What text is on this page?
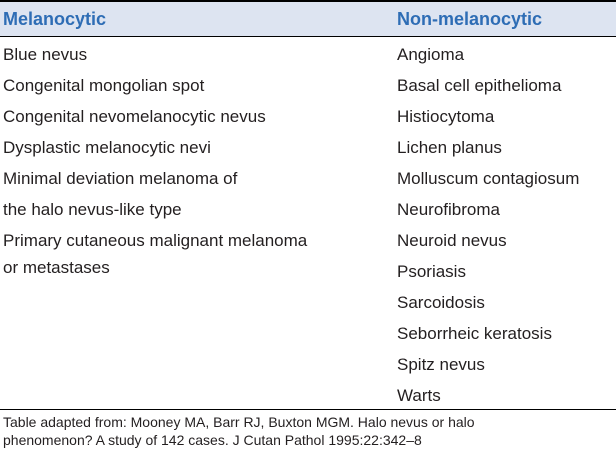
Melanocytic	Non-melanocytic
Blue nevus
Congenital mongolian spot
Congenital nevomelanocytic nevus
Dysplastic melanocytic nevi
Minimal deviation melanoma of
the halo nevus-like type
Primary cutaneous malignant melanoma
or metastases
Angioma
Basal cell epithelioma
Histiocytoma
Lichen planus
Molluscum contagiosum
Neurofibroma
Neuroid nevus
Psoriasis
Sarcoidosis
Seborrheic keratosis
Spitz nevus
Warts
Table adapted from: Mooney MA, Barr RJ, Buxton MGM. Halo nevus or halo
phenomenon? A study of 142 cases. J Cutan Pathol 1995:22:342–8
